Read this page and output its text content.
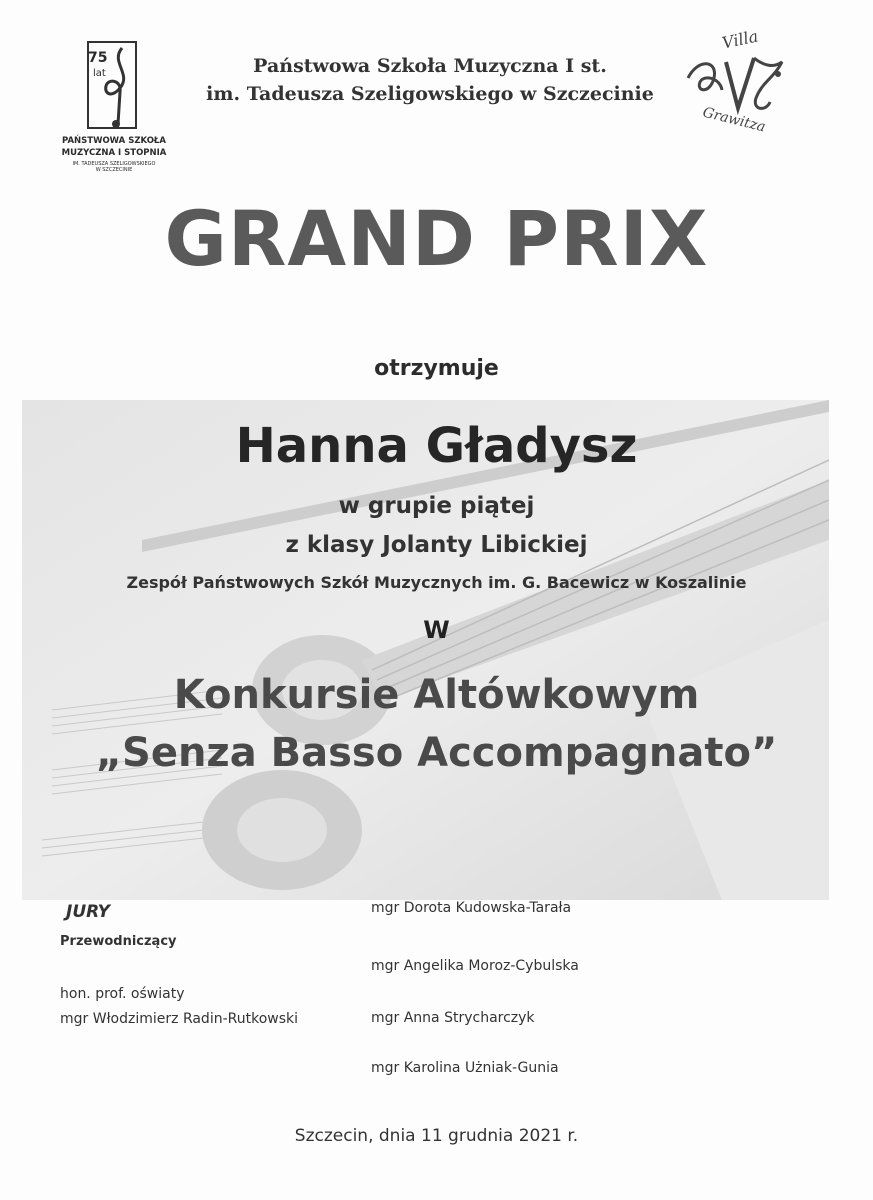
75
lat
PAŃSTWOWA SZKOŁA
MUZYCZNA I STOPNIA
IM. TADEUSZA SZELIGOWSKIEGO
W SZCZECINIE
Państwowa Szkoła Muzyczna I st.
im. Tadeusza Szeligowskiego w Szczecinie
Villa
Grawitza
GRAND PRIX
otrzymuje
Hanna Gładysz
w grupie piątej
z klasy Jolanty Libickiej
Zespół Państwowych Szkół Muzycznych im. G. Bacewicz w Koszalinie
W
Konkursie Altówkowym
„Senza Basso Accompagnato”
JURY
Przewodniczący
hon. prof. oświaty
mgr Włodzimierz Radin-Rutkowski
mgr Dorota Kudowska-Tarała
mgr Angelika Moroz-Cybulska
mgr Anna Strycharczyk
mgr Karolina Użniak-Gunia
Szczecin, dnia 11 grudnia 2021 r.
